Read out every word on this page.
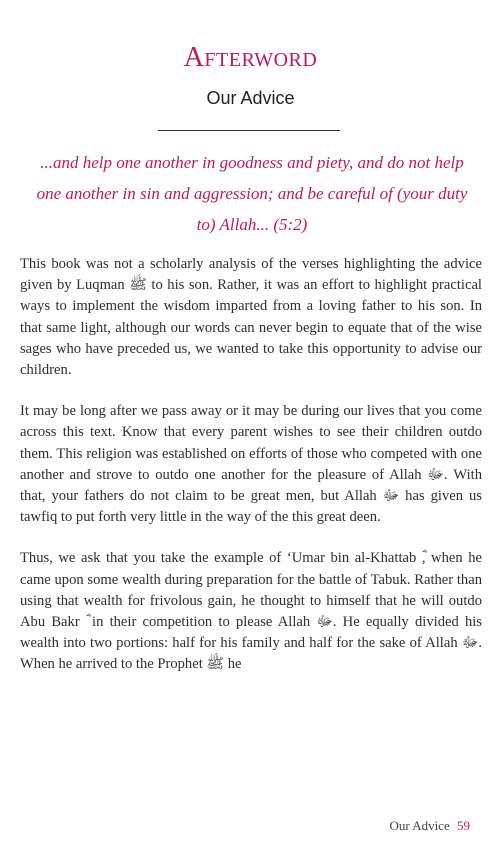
Afterword
Our Advice
...and help one another in goodness and piety, and do not help one another in sin and aggression; and be careful of (your duty to) Allah... (5:2)

This book was not a scholarly analysis of the verses highlighting the advice given by Luqman ﷺ to his son. Rather, it was an effort to highlight practical ways to implement the wisdom imparted from a loving father to his son. In that same light, although our words can never begin to equate that of the wise sages who have preceded us, we wanted to take this opportunity to advise our children.

It may be long after we pass away or it may be during our lives that you come across this text. Know that every parent wishes to see their children outdo them. This religion was established on efforts of those who competed with one another and strove to outdo one another for the pleasure of Allah ﷻ. With that, your fathers do not claim to be great men, but Allah ﷻ has given us tawfiq to put forth very little in the way of the this great deen.

Thus, we ask that you take the example of ‘Umar bin al-Khattab ؓ, when he came upon some wealth during preparation for the battle of Tabuk. Rather than using that wealth for frivolous gain, he thought to himself that he will outdo Abu Bakr ؓ in their competition to please Allah ﷻ. He equally divided his wealth into two portions: half for his family and half for the sake of Allah ﷻ. When he arrived to the Prophet ﷺ he

Our Advice 59
